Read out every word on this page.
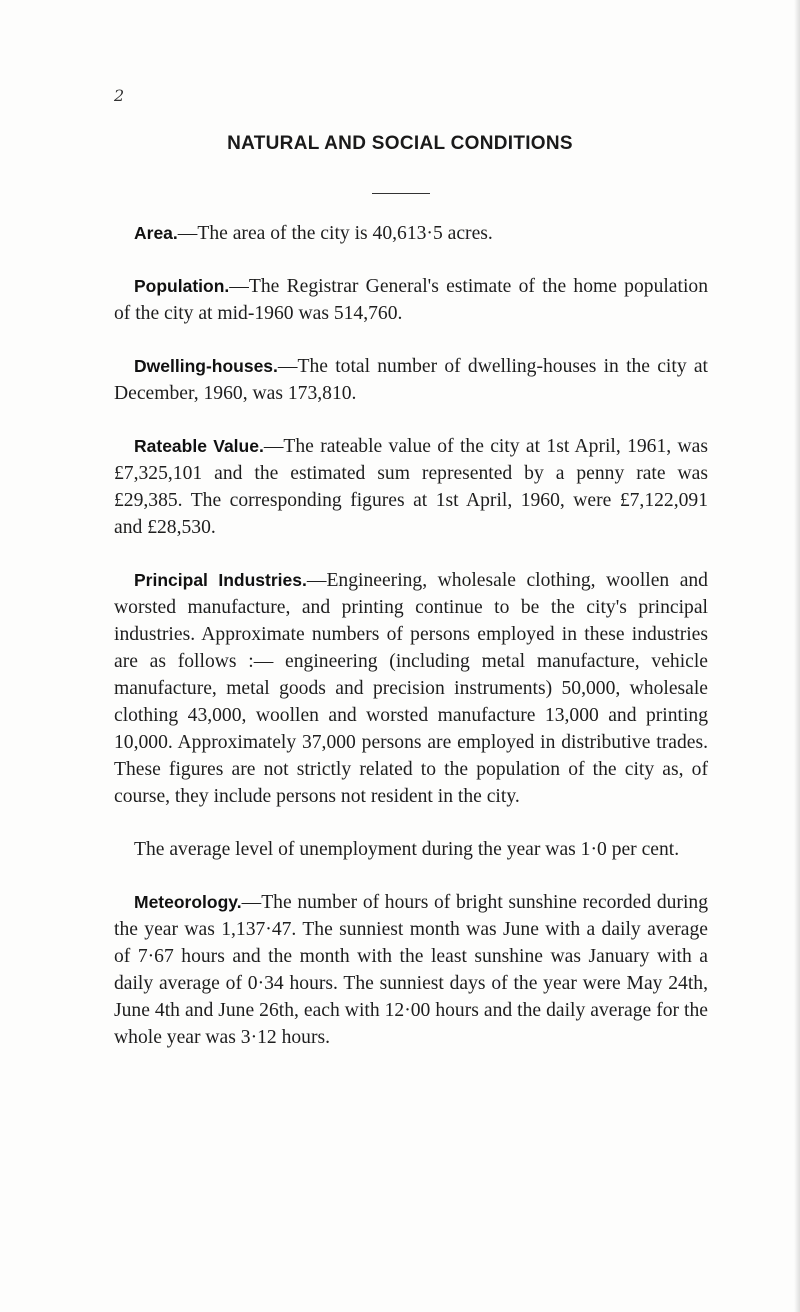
2
NATURAL AND SOCIAL CONDITIONS

Area.—The area of the city is 40,613·5 acres.

Population.—The Registrar General's estimate of the home population of the city at mid-1960 was 514,760.

Dwelling-houses.—The total number of dwelling-houses in the city at December, 1960, was 173,810.

Rateable Value.—The rateable value of the city at 1st April, 1961, was £7,325,101 and the estimated sum represented by a penny rate was £29,385. The corresponding figures at 1st April, 1960, were £7,122,091 and £28,530.

Principal Industries.—Engineering, wholesale clothing, woollen and worsted manufacture, and printing continue to be the city's principal industries. Approximate numbers of persons employed in these industries are as follows :— engineering (including metal manufacture, vehicle manufacture, metal goods and precision instruments) 50,000, wholesale clothing 43,000, woollen and worsted manufacture 13,000 and printing 10,000. Approximately 37,000 persons are employed in distributive trades. These figures are not strictly related to the population of the city as, of course, they include persons not resident in the city.

The average level of unemployment during the year was 1·0 per cent.

Meteorology.—The number of hours of bright sunshine recorded during the year was 1,137·47. The sunniest month was June with a daily average of 7·67 hours and the month with the least sunshine was January with a daily average of 0·34 hours. The sunniest days of the year were May 24th, June 4th and June 26th, each with 12·00 hours and the daily average for the whole year was 3·12 hours.
